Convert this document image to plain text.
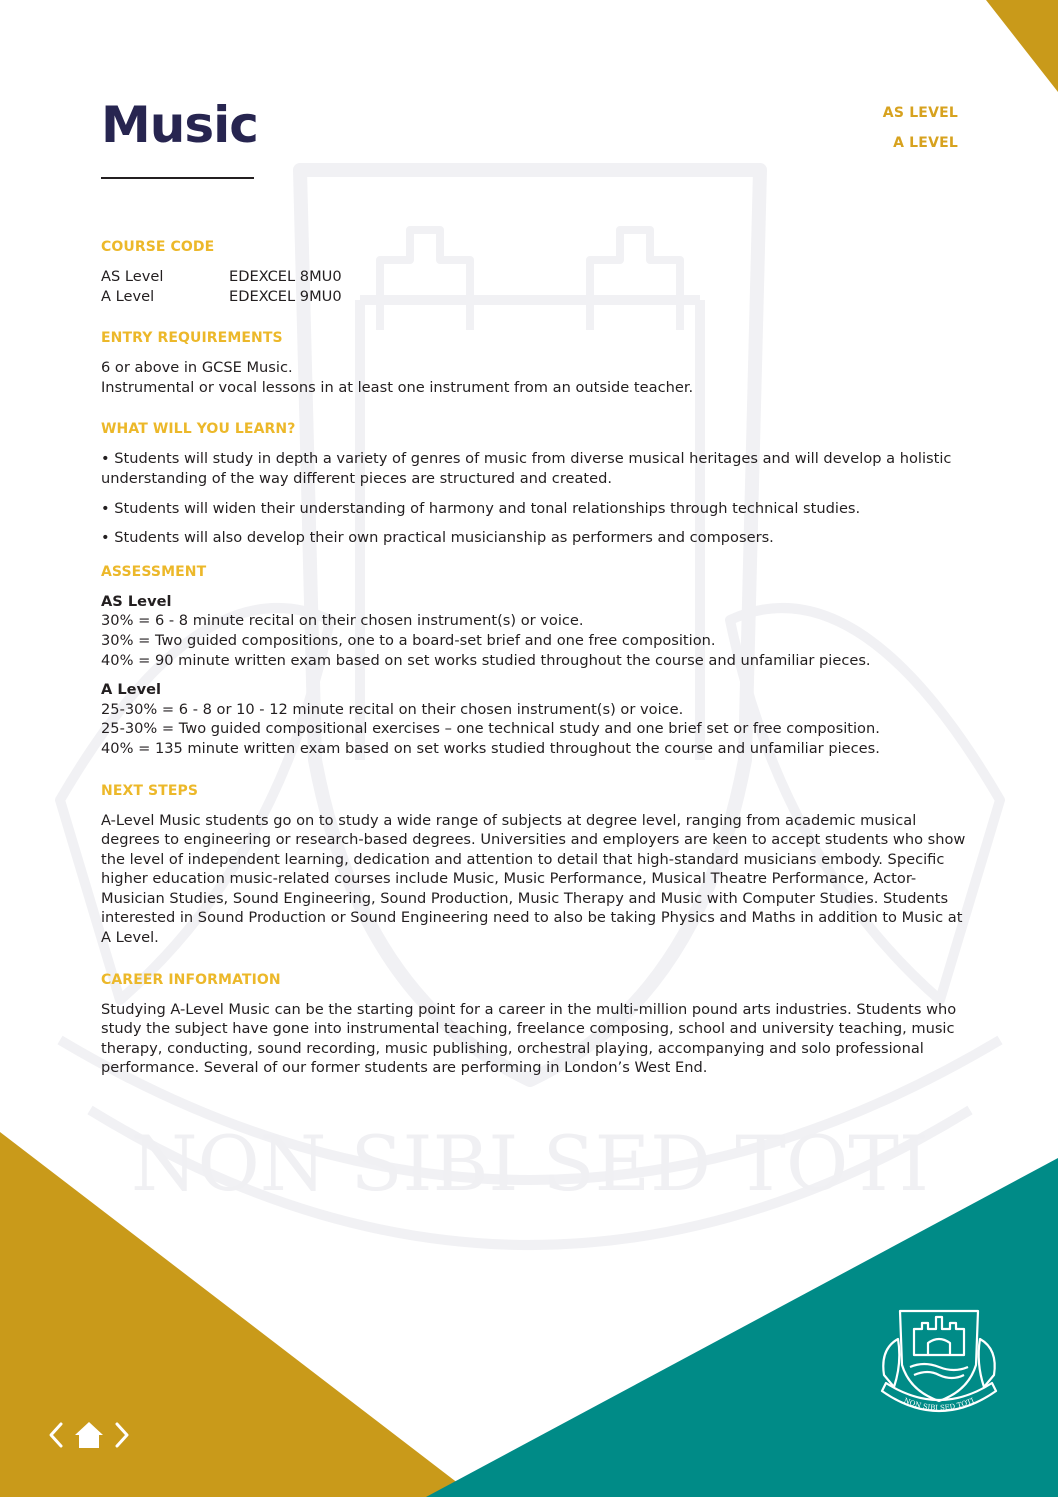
NON SIBI SED TOTI
Music	AS LEVEL
A LEVEL
COURSE CODE
AS Level	EDEXCEL 8MU0
A Level	EDEXCEL 9MU0
ENTRY REQUIREMENTS

6 or above in GCSE Music.

Instrumental or vocal lessons in at least one instrument from an outside teacher.

WHAT WILL YOU LEARN?

• Students will study in depth a variety of genres of music from diverse musical heritages and will develop a holistic understanding of the way different pieces are structured and created.

• Students will widen their understanding of harmony and tonal relationships through technical studies.

• Students will also develop their own practical musicianship as performers and composers.

ASSESSMENT

AS Level

30% = 6 - 8 minute recital on their chosen instrument(s) or voice.

30% = Two guided compositions, one to a board-set brief and one free composition.

40% = 90 minute written exam based on set works studied throughout the course and unfamiliar pieces.

A Level

25-30% = 6 - 8 or 10 - 12 minute recital on their chosen instrument(s) or voice.

25-30% = Two guided compositional exercises – one technical study and one brief set or free composition.

40% = 135 minute written exam based on set works studied throughout the course and unfamiliar pieces.

NEXT STEPS

A-Level Music students go on to study a wide range of subjects at degree level, ranging from academic musical degrees to engineering or research-based degrees. Universities and employers are keen to accept students who show the level of independent learning, dedication and attention to detail that high-standard musicians embody. Specific higher education music-related courses include Music, Music Performance, Musical Theatre Performance, Actor-Musician Studies, Sound Engineering, Sound Production, Music Therapy and Music with Computer Studies. Students interested in Sound Production or Sound Engineering need to also be taking Physics and Maths in addition to Music at A Level.

CAREER INFORMATION

Studying A-Level Music can be the starting point for a career in the multi-million pound arts industries. Students who study the subject have gone into instrumental teaching, freelance composing, school and university teaching, music therapy, conducting, sound recording, music publishing, orchestral playing, accompanying and solo professional performance. Several of our former students are performing in London’s West End.

NON SIBI SED TOTI
